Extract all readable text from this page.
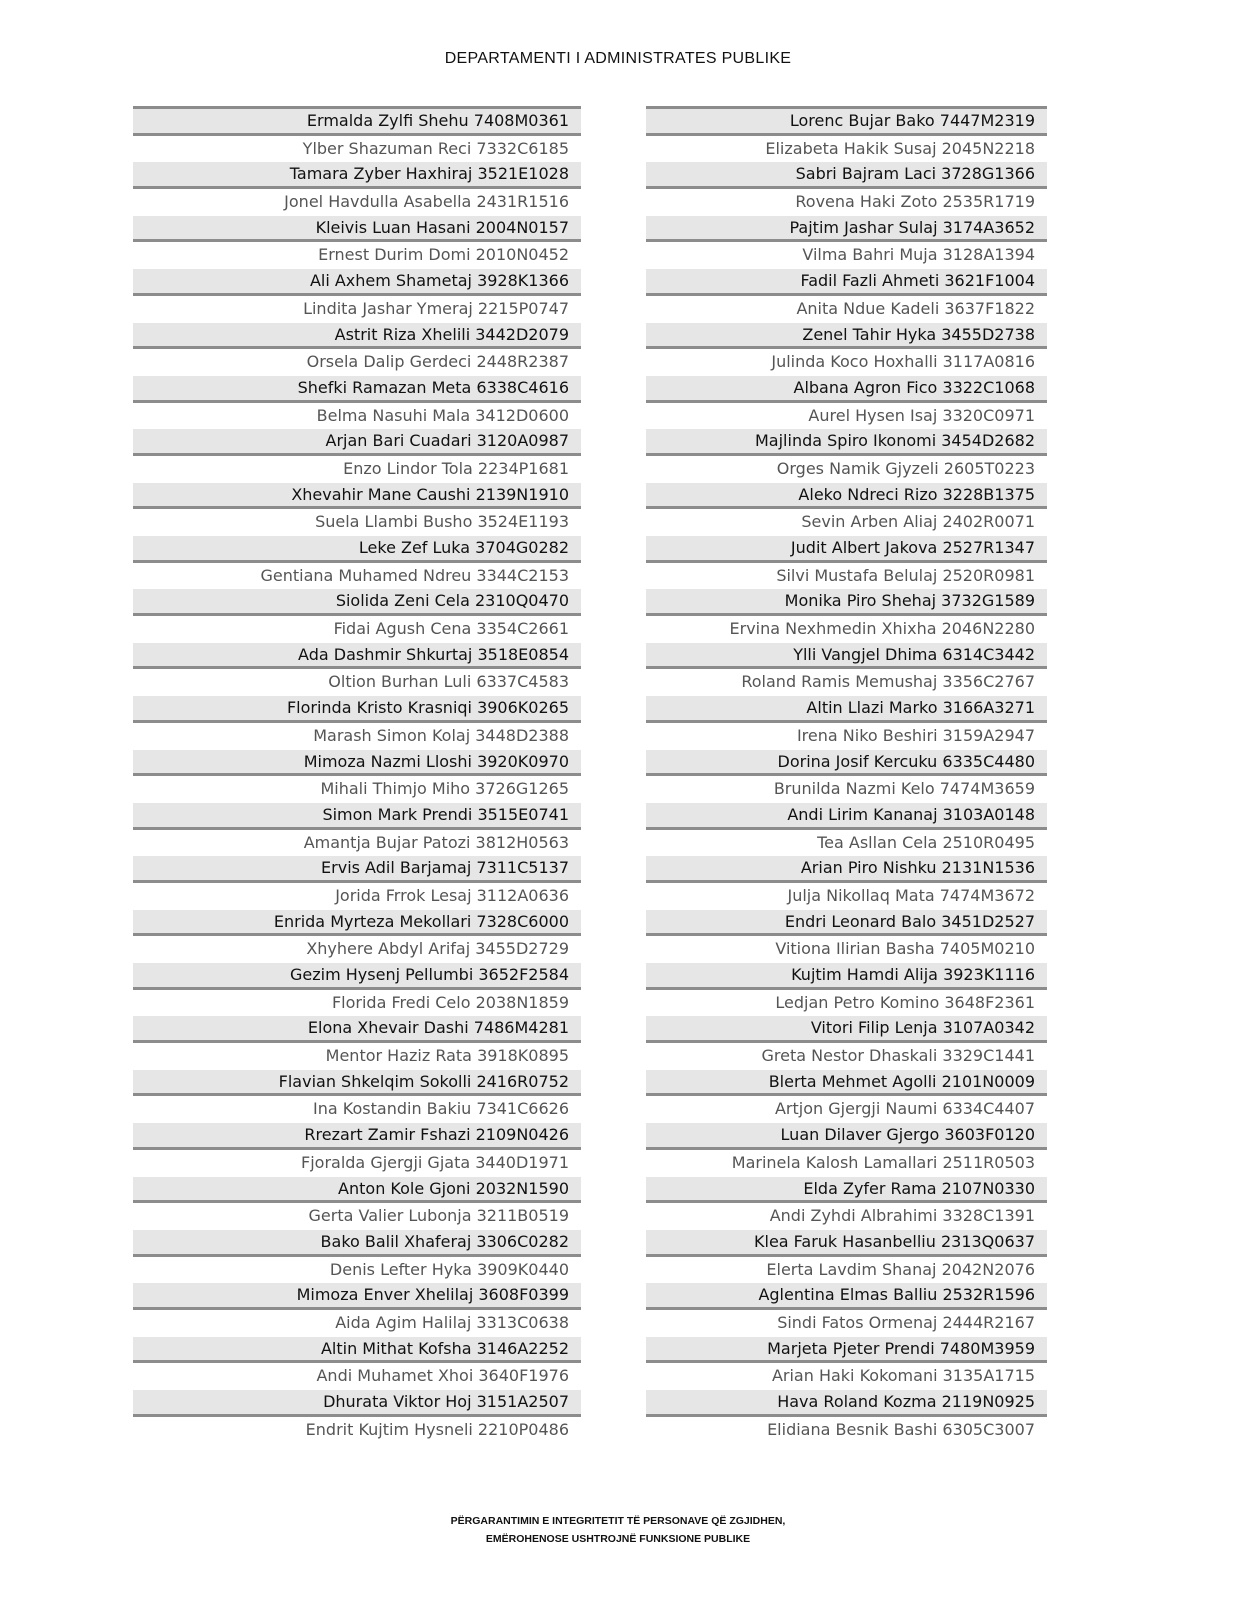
DEPARTAMENTI I ADMINISTRATES PUBLIKE
Ermalda Zylfi Shehu 7408M0361
Ylber Shazuman Reci 7332C6185
Tamara Zyber Haxhiraj 3521E1028
Jonel Havdulla Asabella 2431R1516
Kleivis Luan Hasani 2004N0157
Ernest Durim Domi 2010N0452
Ali Axhem Shametaj 3928K1366
Lindita Jashar Ymeraj 2215P0747
Astrit Riza Xhelili 3442D2079
Orsela Dalip Gerdeci 2448R2387
Shefki Ramazan Meta 6338C4616
Belma Nasuhi Mala 3412D0600
Arjan Bari Cuadari 3120A0987
Enzo Lindor Tola 2234P1681
Xhevahir Mane Caushi 2139N1910
Suela Llambi Busho 3524E1193
Leke Zef Luka 3704G0282
Gentiana Muhamed Ndreu 3344C2153
Siolida Zeni Cela 2310Q0470
Fidai Agush Cena 3354C2661
Ada Dashmir Shkurtaj 3518E0854
Oltion Burhan Luli 6337C4583
Florinda Kristo Krasniqi 3906K0265
Marash Simon Kolaj 3448D2388
Mimoza Nazmi Lloshi 3920K0970
Mihali Thimjo Miho 3726G1265
Simon Mark Prendi 3515E0741
Amantja Bujar Patozi 3812H0563
Ervis Adil Barjamaj 7311C5137
Jorida Frrok Lesaj 3112A0636
Enrida Myrteza Mekollari 7328C6000
Xhyhere Abdyl Arifaj 3455D2729
Gezim Hysenj Pellumbi 3652F2584
Florida Fredi Celo 2038N1859
Elona Xhevair Dashi 7486M4281
Mentor Haziz Rata 3918K0895
Flavian Shkelqim Sokolli 2416R0752
Ina Kostandin Bakiu 7341C6626
Rrezart Zamir Fshazi 2109N0426
Fjoralda Gjergji Gjata 3440D1971
Anton Kole Gjoni 2032N1590
Gerta Valier Lubonja 3211B0519
Bako Balil Xhaferaj 3306C0282
Denis Lefter Hyka 3909K0440
Mimoza Enver Xhelilaj 3608F0399
Aida Agim Halilaj 3313C0638
Altin Mithat Kofsha 3146A2252
Andi Muhamet Xhoi 3640F1976
Dhurata Viktor Hoj 3151A2507
Endrit Kujtim Hysneli 2210P0486
Lorenc Bujar Bako 7447M2319
Elizabeta Hakik Susaj 2045N2218
Sabri Bajram Laci 3728G1366
Rovena Haki Zoto 2535R1719
Pajtim Jashar Sulaj 3174A3652
Vilma Bahri Muja 3128A1394
Fadil Fazli Ahmeti 3621F1004
Anita Ndue Kadeli 3637F1822
Zenel Tahir Hyka 3455D2738
Julinda Koco Hoxhalli 3117A0816
Albana Agron Fico 3322C1068
Aurel Hysen Isaj 3320C0971
Majlinda Spiro Ikonomi 3454D2682
Orges Namik Gjyzeli 2605T0223
Aleko Ndreci Rizo 3228B1375
Sevin Arben Aliaj 2402R0071
Judit Albert Jakova 2527R1347
Silvi Mustafa Belulaj 2520R0981
Monika Piro Shehaj 3732G1589
Ervina Nexhmedin Xhixha 2046N2280
Ylli Vangjel Dhima 6314C3442
Roland Ramis Memushaj 3356C2767
Altin Llazi Marko 3166A3271
Irena Niko Beshiri 3159A2947
Dorina Josif Kercuku 6335C4480
Brunilda Nazmi Kelo 7474M3659
Andi Lirim Kananaj 3103A0148
Tea Asllan Cela 2510R0495
Arian Piro Nishku 2131N1536
Julja Nikollaq Mata 7474M3672
Endri Leonard Balo 3451D2527
Vitiona Ilirian Basha 7405M0210
Kujtim Hamdi Alija 3923K1116
Ledjan Petro Komino 3648F2361
Vitori Filip Lenja 3107A0342
Greta Nestor Dhaskali 3329C1441
Blerta Mehmet Agolli 2101N0009
Artjon Gjergji Naumi 6334C4407
Luan Dilaver Gjergo 3603F0120
Marinela Kalosh Lamallari 2511R0503
Elda Zyfer Rama 2107N0330
Andi Zyhdi Albrahimi 3328C1391
Klea Faruk Hasanbelliu 2313Q0637
Elerta Lavdim Shanaj 2042N2076
Aglentina Elmas Balliu 2532R1596
Sindi Fatos Ormenaj 2444R2167
Marjeta Pjeter Prendi 7480M3959
Arian Haki Kokomani 3135A1715
Hava Roland Kozma 2119N0925
Elidiana Besnik Bashi 6305C3007
PËRGARANTIMIN E INTEGRITETIT TË PERSONAVE QË ZGJIDHEN,
EMËROHENOSE USHTROJNË FUNKSIONE PUBLIKE
